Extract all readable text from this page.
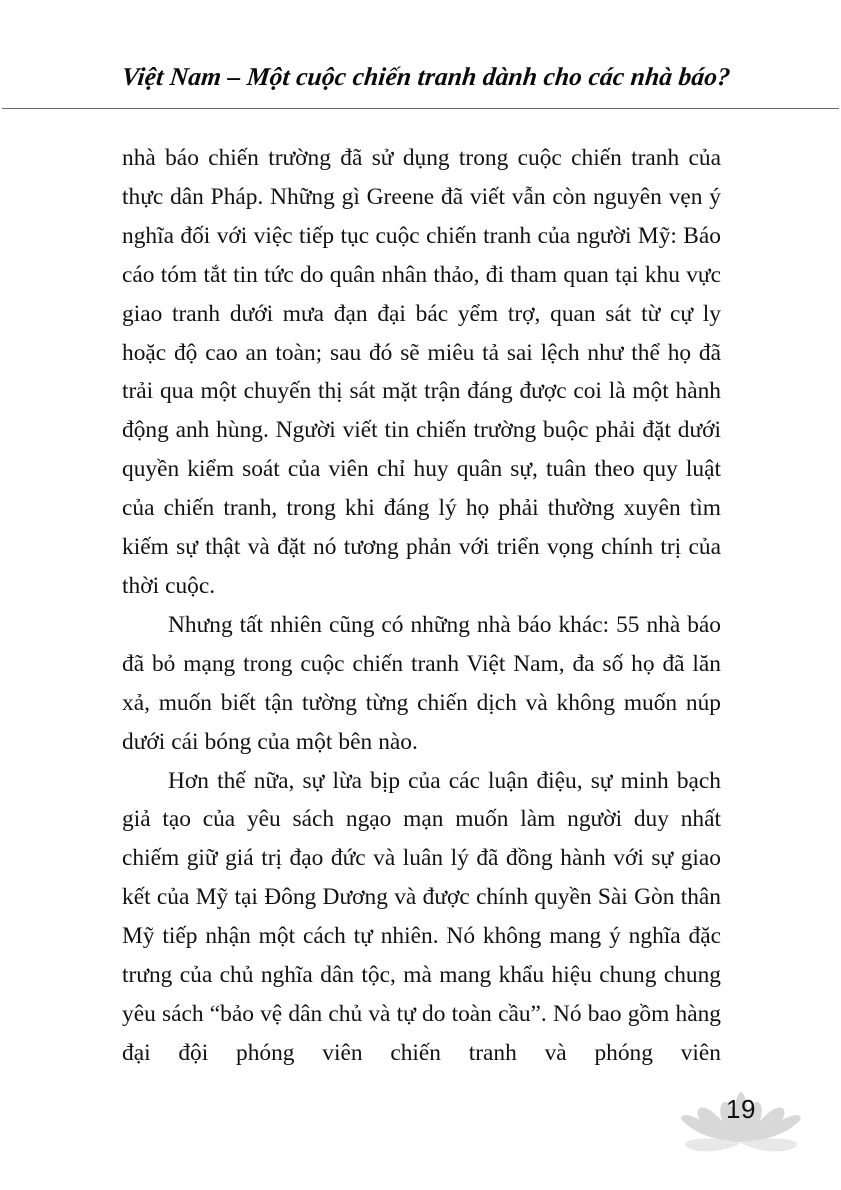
Việt Nam – Một cuộc chiến tranh dành cho các nhà báo?

nhà báo chiến trường đã sử dụng trong cuộc chiến tranh của thực dân Pháp. Những gì Greene đã viết vẫn còn nguyên vẹn ý nghĩa đối với việc tiếp tục cuộc chiến tranh của người Mỹ: Báo cáo tóm tắt tin tức do quân nhân thảo, đi tham quan tại khu vực giao tranh dưới mưa đạn đại bác yểm trợ, quan sát từ cự ly hoặc độ cao an toàn; sau đó sẽ miêu tả sai lệch như thể họ đã trải qua một chuyến thị sát mặt trận đáng được coi là một hành động anh hùng. Người viết tin chiến trường buộc phải đặt dưới quyền kiểm soát của viên chỉ huy quân sự, tuân theo quy luật của chiến tranh, trong khi đáng lý họ phải thường xuyên tìm kiếm sự thật và đặt nó tương phản với triển vọng chính trị của thời cuộc.

Nhưng tất nhiên cũng có những nhà báo khác: 55 nhà báo đã bỏ mạng trong cuộc chiến tranh Việt Nam, đa số họ đã lăn xả, muốn biết tận tường từng chiến dịch và không muốn núp dưới cái bóng của một bên nào.

Hơn thế nữa, sự lừa bịp của các luận điệu, sự minh bạch giả tạo của yêu sách ngạo mạn muốn làm người duy nhất chiếm giữ giá trị đạo đức và luân lý đã đồng hành với sự giao kết của Mỹ tại Đông Dương và được chính quyền Sài Gòn thân Mỹ tiếp nhận một cách tự nhiên. Nó không mang ý nghĩa đặc trưng của chủ nghĩa dân tộc, mà mang khẩu hiệu chung chung yêu sách “bảo vệ dân chủ và tự do toàn cầu”. Nó bao gồm hàng đại đội phóng viên chiến tranh và phóng viên

19
